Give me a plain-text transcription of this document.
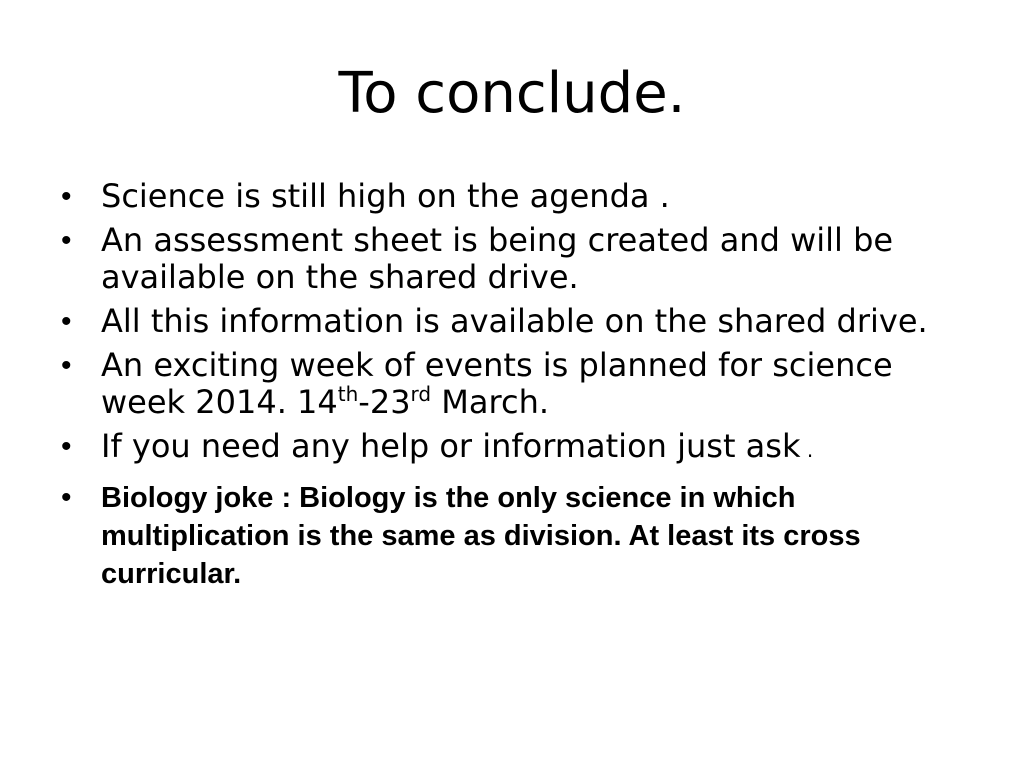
To conclude.
• Science is still high on the agenda .
• An assessment sheet is being created and will be available on the shared drive.
• All this information is available on the shared drive.
• An exciting week of events is planned for science week 2014. 14th-23rd March.
• If you need any help or information just ask .
• Biology joke : Biology is the only science in which multiplication is the same as division. At least its cross curricular.
